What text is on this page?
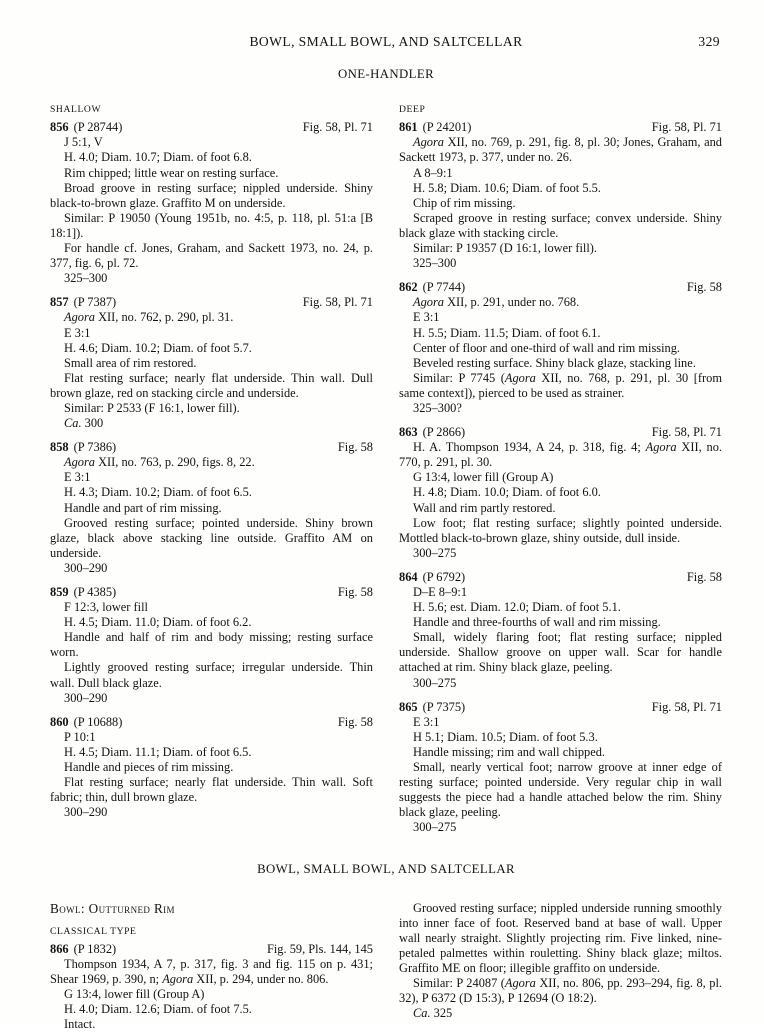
BOWL, SMALL BOWL, AND SALTCELLAR	329
ONE-HANDLER
SHALLOW
856 (P 28744)	Fig. 58, Pl. 71

J 5:1, V

H. 4.0; Diam. 10.7; Diam. of foot 6.8.

Rim chipped; little wear on resting surface.

Broad groove in resting surface; nippled underside. Shiny black-to-brown glaze. Graffito M on underside.

Similar: P 19050 (Young 1951b, no. 4:5, p. 118, pl. 51:a [B 18:1]).

For handle cf. Jones, Graham, and Sackett 1973, no. 24, p. 377, fig. 6, pl. 72.

325–300

857 (P 7387)	Fig. 58, Pl. 71

Agora XII, no. 762, p. 290, pl. 31.

E 3:1

H. 4.6; Diam. 10.2; Diam. of foot 5.7.

Small area of rim restored.

Flat resting surface; nearly flat underside. Thin wall. Dull brown glaze, red on stacking circle and underside.

Similar: P 2533 (F 16:1, lower fill).

Ca. 300

858 (P 7386)	Fig. 58

Agora XII, no. 763, p. 290, figs. 8, 22.

E 3:1

H. 4.3; Diam. 10.2; Diam. of foot 6.5.

Handle and part of rim missing.

Grooved resting surface; pointed underside. Shiny brown glaze, black above stacking line outside. Graffito AM on underside.

300–290

859 (P 4385)	Fig. 58

F 12:3, lower fill

H. 4.5; Diam. 11.0; Diam. of foot 6.2.

Handle and half of rim and body missing; resting surface worn.

Lightly grooved resting surface; irregular underside. Thin wall. Dull black glaze.

300–290

860 (P 10688)	Fig. 58

P 10:1

H. 4.5; Diam. 11.1; Diam. of foot 6.5.

Handle and pieces of rim missing.

Flat resting surface; nearly flat underside. Thin wall. Soft fabric; thin, dull brown glaze.

300–290

DEEP
861 (P 24201)	Fig. 58, Pl. 71

Agora XII, no. 769, p. 291, fig. 8, pl. 30; Jones, Graham, and Sackett 1973, p. 377, under no. 26.

A 8–9:1

H. 5.8; Diam. 10.6; Diam. of foot 5.5.

Chip of rim missing.

Scraped groove in resting surface; convex underside. Shiny black glaze with stacking circle.

Similar: P 19357 (D 16:1, lower fill).

325–300

862 (P 7744)	Fig. 58

Agora XII, p. 291, under no. 768.

E 3:1

H. 5.5; Diam. 11.5; Diam. of foot 6.1.

Center of floor and one-third of wall and rim missing.

Beveled resting surface. Shiny black glaze, stacking line.

Similar: P 7745 (Agora XII, no. 768, p. 291, pl. 30 [from same context]), pierced to be used as strainer.

325–300?

863 (P 2866)	Fig. 58, Pl. 71

H. A. Thompson 1934, A 24, p. 318, fig. 4; Agora XII, no. 770, p. 291, pl. 30.

G 13:4, lower fill (Group A)

H. 4.8; Diam. 10.0; Diam. of foot 6.0.

Wall and rim partly restored.

Low foot; flat resting surface; slightly pointed underside. Mottled black-to-brown glaze, shiny outside, dull inside.

300–275

864 (P 6792)	Fig. 58

D–E 8–9:1

H. 5.6; est. Diam. 12.0; Diam. of foot 5.1.

Handle and three-fourths of wall and rim missing.

Small, widely flaring foot; flat resting surface; nippled underside. Shallow groove on upper wall. Scar for handle attached at rim. Shiny black glaze, peeling.

300–275

865 (P 7375)	Fig. 58, Pl. 71

E 3:1

H 5.1; Diam. 10.5; Diam. of foot 5.3.

Handle missing; rim and wall chipped.

Small, nearly vertical foot; narrow groove at inner edge of resting surface; pointed underside. Very regular chip in wall suggests the piece had a handle attached below the rim. Shiny black glaze, peeling.

300–275

BOWL, SMALL BOWL, AND SALTCELLAR
Bowl: Outturned Rim
CLASSICAL TYPE
866 (P 1832)	Fig. 59, Pls. 144, 145

Thompson 1934, A 7, p. 317, fig. 3 and fig. 115 on p. 431; Shear 1969, p. 390, n; Agora XII, p. 294, under no. 806.

G 13:4, lower fill (Group A)

H. 4.0; Diam. 12.6; Diam. of foot 7.5.

Intact.

Grooved resting surface; nippled underside running smoothly into inner face of foot. Reserved band at base of wall. Upper wall nearly straight. Slightly projecting rim. Five linked, nine-petaled palmettes within rouletting. Shiny black glaze; miltos. Graffito ME on floor; illegible graffito on underside.

Similar: P 24087 (Agora XII, no. 806, pp. 293–294, fig. 8, pl. 32), P 6372 (D 15:3), P 12694 (O 18:2).

Ca. 325
